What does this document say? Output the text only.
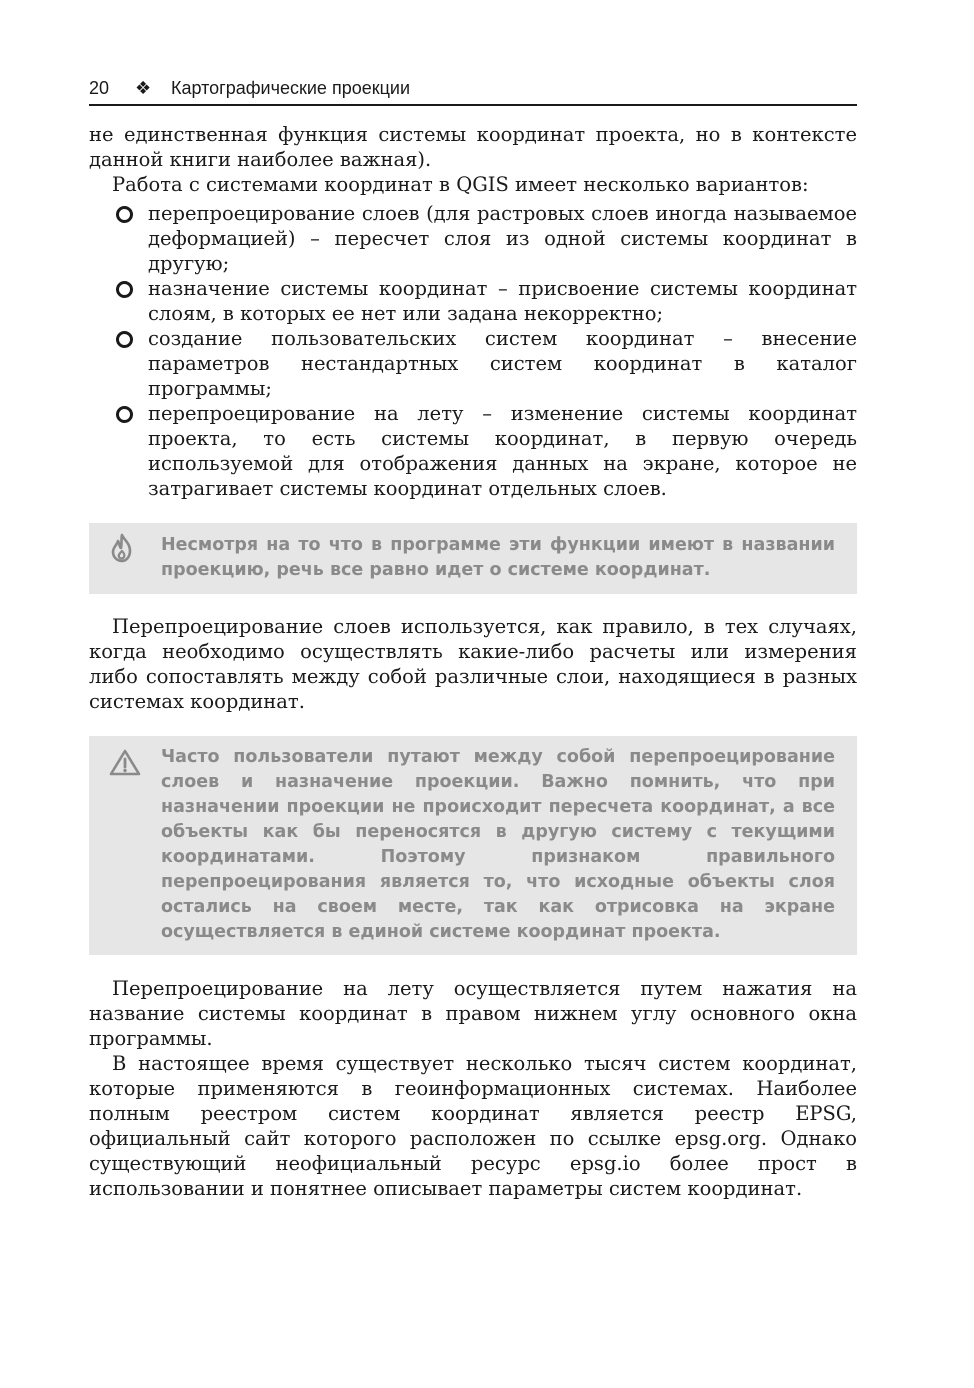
20 ❖ Картографические проекции

не единственная функция системы координат проекта, но в контексте данной книги наиболее важная).

Работа с системами координат в QGIS имеет несколько вариантов:

перепроецирование слоев (для растровых слоев иногда называемое деформацией) – пересчет слоя из одной системы координат в другую;
назначение системы координат – присвоение системы координат слоям, в которых ее нет или задана некорректно;
создание пользовательских систем координат – внесение параметров нестандартных систем координат в каталог программы;
перепроецирование на лету – изменение системы координат проекта, то есть системы координат, в первую очередь используемой для отображения данных на экране, которое не затрагивает системы координат отдельных слоев.
Несмотря на то что в программе эти функции имеют в названии проекцию, речь все равно идет о системе координат.

Перепроецирование слоев используется, как правило, в тех случаях, когда необходимо осуществлять какие-либо расчеты или измерения либо сопоставлять между собой различные слои, находящиеся в разных системах координат.

Часто пользователи путают между собой перепроецирование слоев и назначение проекции. Важно помнить, что при назначении проекции не происходит пересчета координат, а все объекты как бы переносятся в другую систему с текущими координатами. Поэтому признаком правильного перепроецирования является то, что исходные объекты слоя остались на своем месте, так как отрисовка на экране осуществляется в единой системе координат проекта.

Перепроецирование на лету осуществляется путем нажатия на название системы координат в правом нижнем углу основного окна программы.

В настоящее время существует несколько тысяч систем координат, которые применяются в геоинформационных системах. Наиболее полным реестром систем координат является реестр EPSG, официальный сайт которого расположен по ссылке epsg.org. Однако существующий неофициальный ресурс epsg.io более прост в использовании и понятнее описывает параметры систем координат.
